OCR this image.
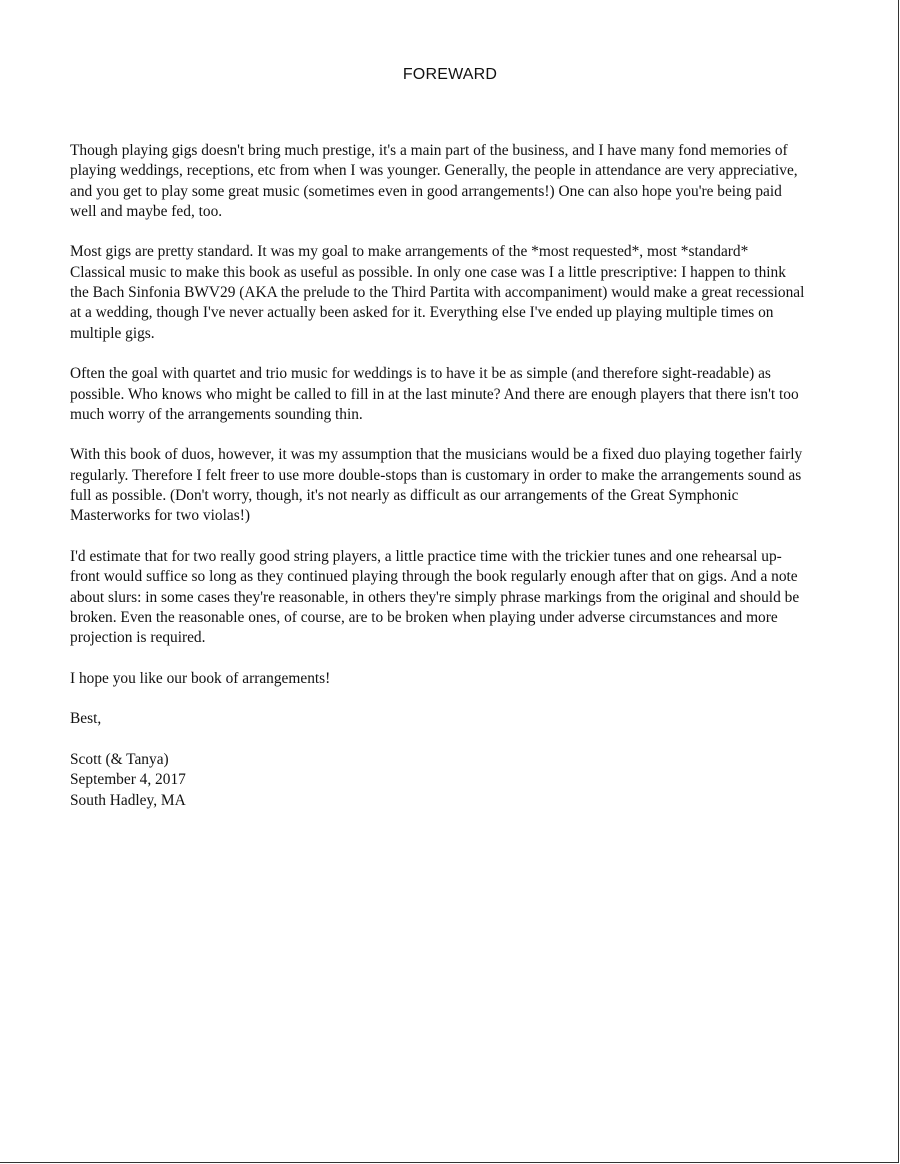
FOREWARD

Though playing gigs doesn't bring much prestige, it's a main part of the business, and I have many fond memories of playing weddings, receptions, etc from when I was younger. Generally, the people in attendance are very appreciative, and you get to play some great music (sometimes even in good arrangements!) One can also hope you're being paid well and maybe fed, too.

Most gigs are pretty standard. It was my goal to make arrangements of the *most requested*, most *standard* Classical music to make this book as useful as possible. In only one case was I a little prescriptive: I happen to think the Bach Sinfonia BWV29 (AKA the prelude to the Third Partita with accompaniment) would make a great recessional at a wedding, though I've never actually been asked for it. Everything else I've ended up playing multiple times on multiple gigs.

Often the goal with quartet and trio music for weddings is to have it be as simple (and therefore sight-readable) as possible. Who knows who might be called to fill in at the last minute? And there are enough players that there isn't too much worry of the arrangements sounding thin.

With this book of duos, however, it was my assumption that the musicians would be a fixed duo playing together fairly regularly. Therefore I felt freer to use more double-stops than is customary in order to make the arrangements sound as full as possible. (Don't worry, though, it's not nearly as difficult as our arrangements of the Great Symphonic Masterworks for two violas!)

I'd estimate that for two really good string players, a little practice time with the trickier tunes and one rehearsal up-front would suffice so long as they continued playing through the book regularly enough after that on gigs. And a note about slurs: in some cases they're reasonable, in others they're simply phrase markings from the original and should be broken. Even the reasonable ones, of course, are to be broken when playing under adverse circumstances and more projection is required.

I hope you like our book of arrangements!

Best,

Scott (& Tanya)
September 4, 2017
South Hadley, MA
